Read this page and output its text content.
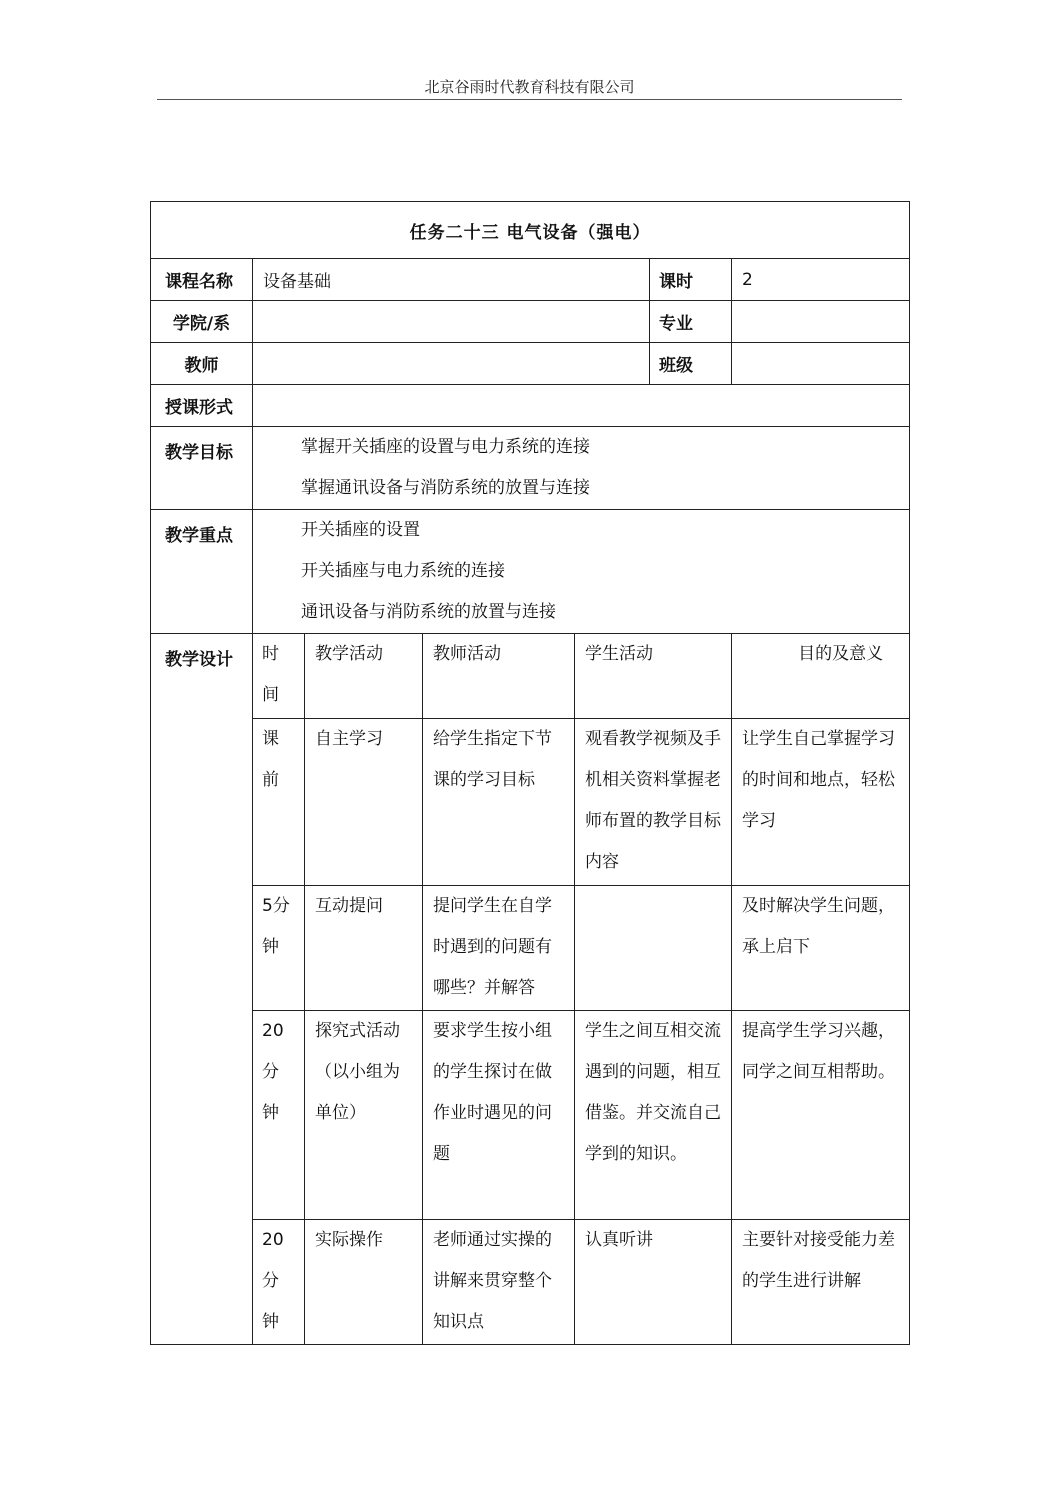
北京谷雨时代教育科技有限公司
任务二十三 电气设备（强电）						
课程名称	设备基础				课时	2
学院/系					专业	
教师					班级	
授课形式						
教学目标	掌握开关插座的设置与电力系统的连接
掌握通讯设备与消防系统的放置与连接					

教学重点	开关插座的设置
开关插座与电力系统的连接
通讯设备与消防系统的放置与连接					

教学设计	时间	教学活动	教师活动	学生活动		目的及意义

	课前	自主学习	给学生指定下节课的学习目标	观看教学视频及手机相关资料掌握老师布置的教学目标内容		让学生自己掌握学习的时间和地点，轻松学习

	5分钟	互动提问	提问学生在自学时遇到的问题有哪些？并解答			及时解决学生问题，承上启下

	20分钟	探究式活动（以小组为单位）	要求学生按小组的学生探讨在做作业时遇见的问题	学生之间互相交流遇到的问题，相互借鉴。并交流自己学到的知识。		提高学生学习兴趣，同学之间互相帮助。

	20分钟	实际操作	老师通过实操的讲解来贯穿整个知识点	认真听讲		主要针对接受能力差的学生进行讲解
